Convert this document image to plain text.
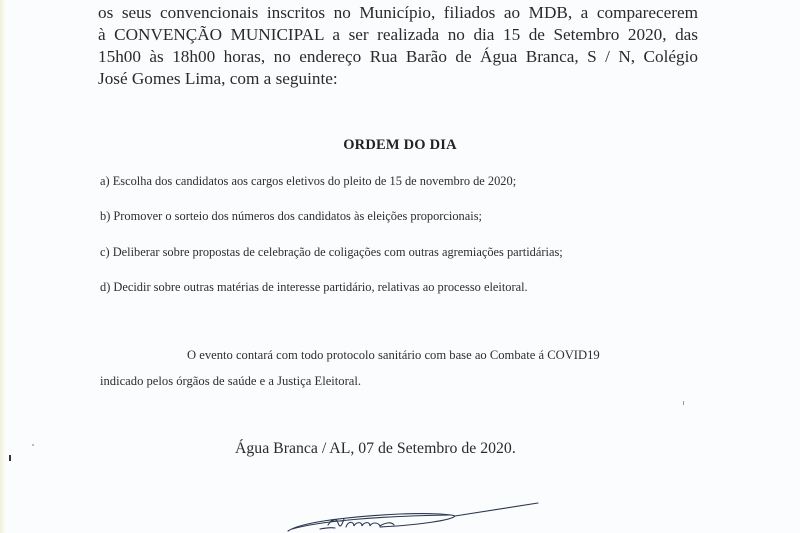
os seus convencionais inscritos no Município, filiados ao MDB, a comparecerem
à CONVENÇÃO MUNICIPAL a ser realizada no dia 15 de Setembro 2020, das
15h00 às 18h00 horas, no endereço Rua Barão de Água Branca, S / N, Colégio
José Gomes Lima, com a seguinte:
ORDEM DO DIA
a) Escolha dos candidatos aos cargos eletivos do pleito de 15 de novembro de 2020;
b) Promover o sorteio dos números dos candidatos às eleições proporcionais;
c) Deliberar sobre propostas de celebração de coligações com outras agremiações partidárias;
d) Decidir sobre outras matérias de interesse partidário, relativas ao processo eleitoral.
O evento contará com todo protocolo sanitário com base ao Combate á COVID19
indicado pelos órgãos de saúde e a Justiça Eleitoral.
Água Branca / AL, 07 de Setembro de 2020.
